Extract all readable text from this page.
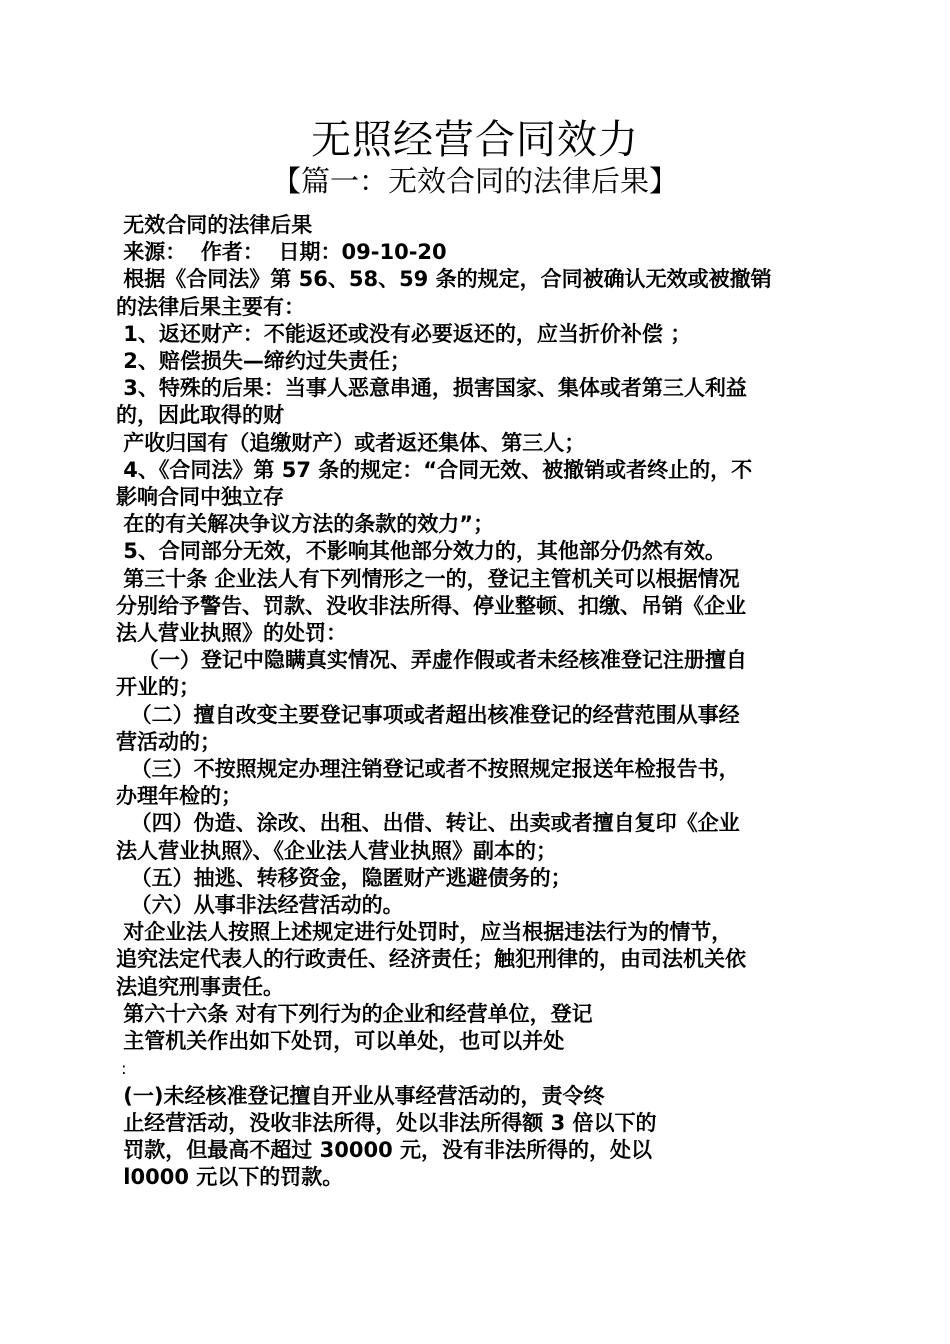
无照经营合同效力
【篇一：无效合同的法律后果】
无效合同的法律后果
来源：  作者：  日期：09-10-20
根据《合同法》第 56、58、59 条的规定，合同被确认无效或被撤销
的法律后果主要有：
1、返还财产：不能返还或没有必要返还的，应当折价补偿 ；
2、赔偿损失—缔约过失责任；
3、特殊的后果：当事人恶意串通，损害国家、集体或者第三人利益
的，因此取得的财
产收归国有（追缴财产）或者返还集体、第三人；
4、《合同法》第 57 条的规定：“合同无效、被撤销或者终止的，不
影响合同中独立存
在的有关解决争议方法的条款的效力”；
5、合同部分无效，不影响其他部分效力的，其他部分仍然有效。
第三十条 企业法人有下列情形之一的，登记主管机关可以根据情况
分别给予警告、罚款、没收非法所得、停业整顿、扣缴、吊销《企业
法人营业执照》的处罚：
（一）登记中隐瞒真实情况、弄虚作假或者未经核准登记注册擅自
开业的；
（二）擅自改变主要登记事项或者超出核准登记的经营范围从事经
营活动的；
（三）不按照规定办理注销登记或者不按照规定报送年检报告书，
办理年检的；
（四）伪造、涂改、出租、出借、转让、出卖或者擅自复印《企业
法人营业执照》、《企业法人营业执照》副本的；
（五）抽逃、转移资金，隐匿财产逃避债务的；
（六）从事非法经营活动的。
对企业法人按照上述规定进行处罚时，应当根据违法行为的情节，
追究法定代表人的行政责任、经济责任；触犯刑律的，由司法机关依
法追究刑事责任。
第六十六条 对有下列行为的企业和经营单位，登记
主管机关作出如下处罚，可以单处，也可以并处
:
(一)未经核准登记擅自开业从事经营活动的，责令终
止经营活动，没收非法所得，处以非法所得额 3 倍以下的
罚款，但最高不超过 30000 元，没有非法所得的，处以
l0000 元以下的罚款。
